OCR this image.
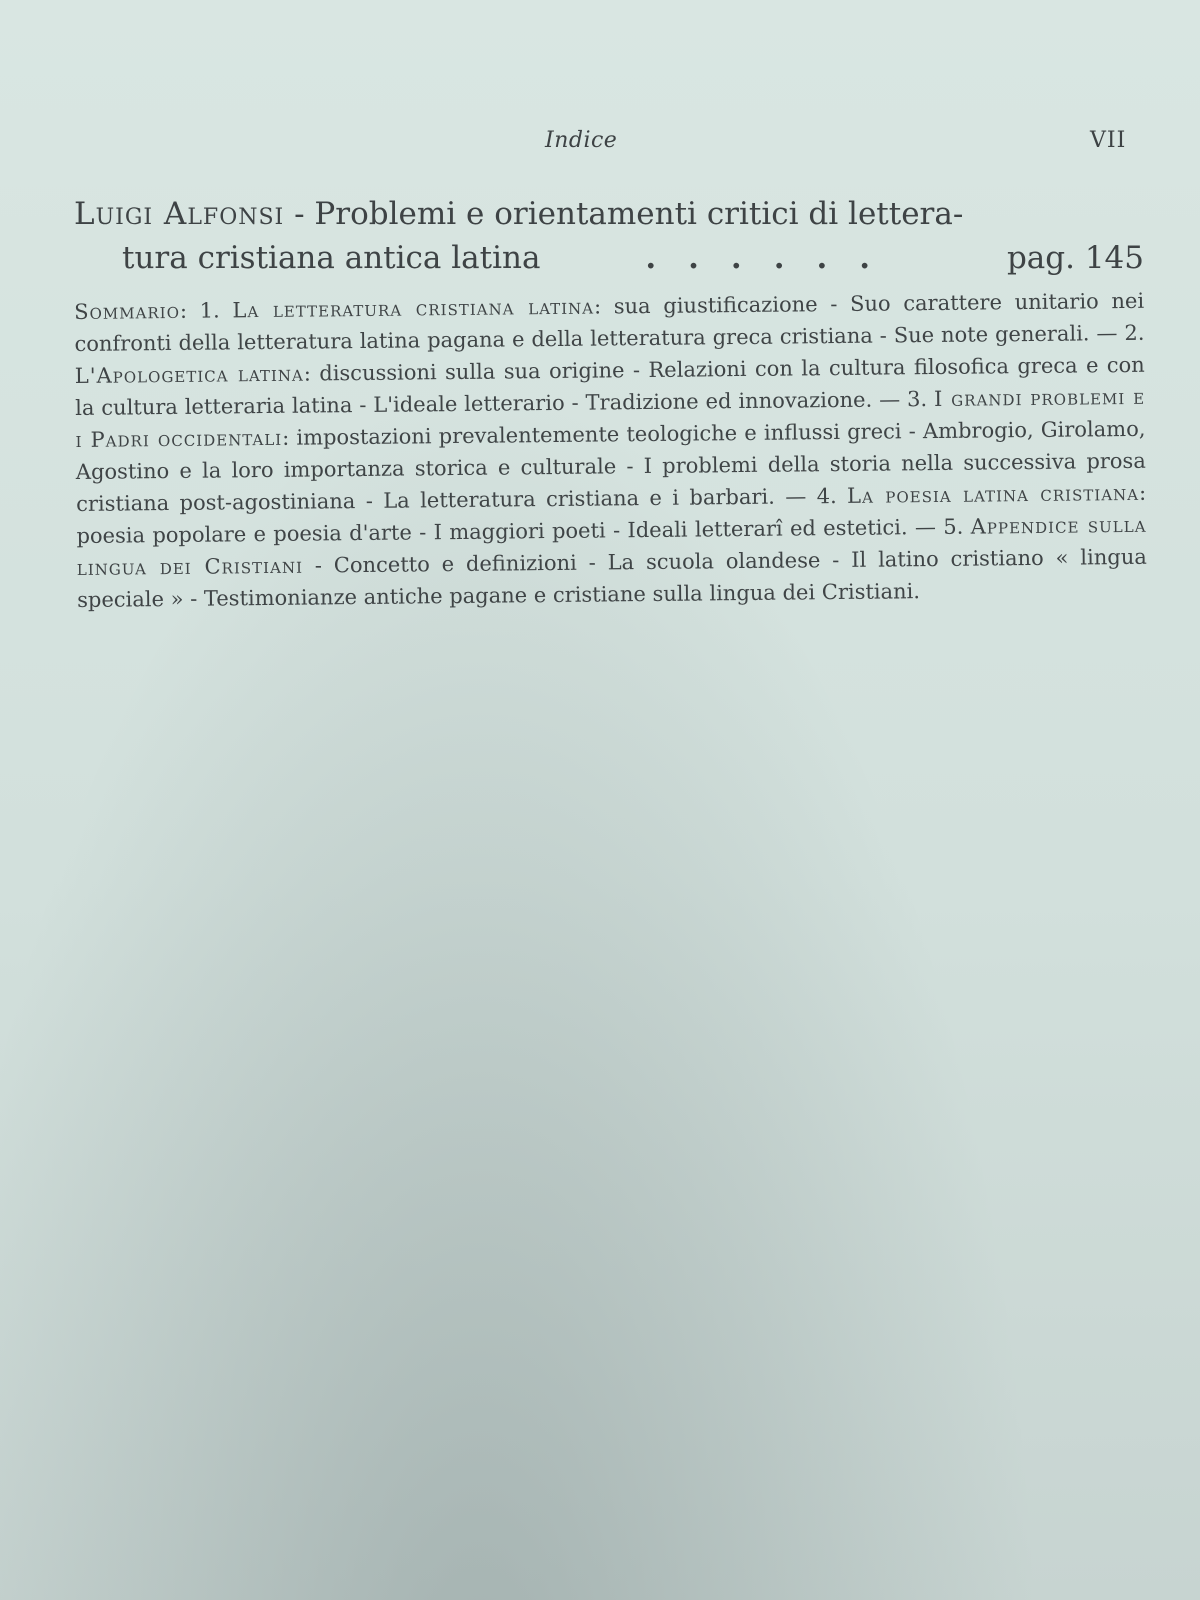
Indice	VII
Luigi Alfonsi - Problemi e orientamenti critici di lettera-
tura cristiana antica latina	......	pag. 145
Sommario: 1. La letteratura cristiana latina: sua giustificazione - Suo carattere unitario nei confronti della letteratura latina pagana e della letteratura greca cristiana - Sue note generali. — 2. L'Apologetica latina: discussioni sulla sua origine - Relazioni con la cultura filosofica greca e con la cultura letteraria latina - L'ideale letterario - Tradizione ed innovazione. — 3. I grandi problemi e i Padri occidentali: impostazioni prevalentemente teologiche e influssi greci - Ambrogio, Girolamo, Agostino e la loro importanza storica e culturale - I problemi della storia nella successiva prosa cristiana post-agostiniana - La letteratura cristiana e i barbari. — 4. La poesia latina cristiana: poesia popolare e poesia d'arte - I maggiori poeti - Ideali letterarî ed estetici. — 5. Appendice sulla lingua dei Cristiani - Concetto e definizioni - La scuola olandese - Il latino cristiano « lingua speciale » - Testimonianze antiche pagane e cristiane sulla lingua dei Cristiani.
